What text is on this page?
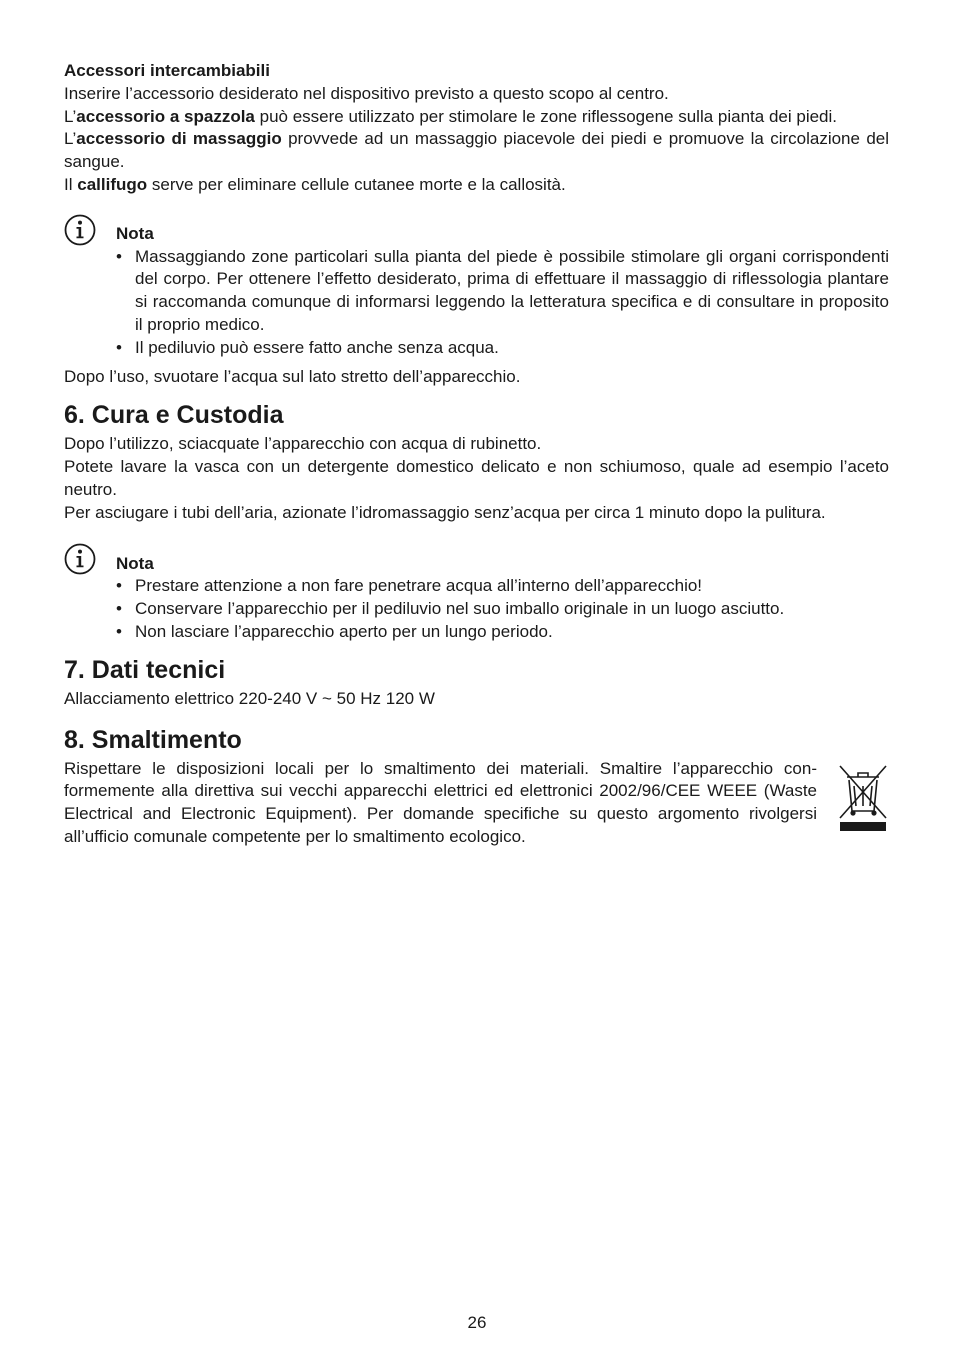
Accessori intercambiabili

Inserire l’accessorio desiderato nel dispositivo previsto a questo scopo al centro.

L’accessorio a spazzola può essere utilizzato per stimolare le zone riflessogene sulla pianta dei piedi.

L’accessorio di massaggio provvede ad un massaggio piacevole dei piedi e promuove la circolazione del sangue.

Il callifugo serve per eliminare cellule cutanee morte e la callosità.

Nota

• Massaggiando zone particolari sulla pianta del piede è possibile stimolare gli organi corrispondenti del corpo. Per ottenere l’effetto desiderato, prima di effettuare il massaggio di riflessologia plantare si raccomanda comunque di informarsi leggendo la letteratura specifica e di consultare in proposito il proprio medico.
• Il pediluvio può essere fatto anche senza acqua.

Dopo l’uso, svuotare l’acqua sul lato stretto dell’apparecchio.

6. Cura e Custodia

Dopo l’utilizzo, sciacquate l’apparecchio con acqua di rubinetto.

Potete lavare la vasca con un detergente domestico delicato e non schiumoso, quale ad esempio l’aceto neutro.

Per asciugare i tubi dell’aria, azionate l’idromassaggio senz’acqua per circa 1 minuto dopo la pulitura.

Nota

• Prestare attenzione a non fare penetrare acqua all’interno dell’apparecchio!
• Conservare l’apparecchio per il pediluvio nel suo imballo originale in un luogo asciutto.
• Non lasciare l’apparecchio aperto per un lungo periodo.
7. Dati tecnici

Allacciamento elettrico 220-240 V ~ 50 Hz 120 W

8. Smaltimento

Rispettare le disposizioni locali per lo smaltimento dei materiali. Smaltire l’apparecchio conformemente alla direttiva sui vecchi apparecchi elettrici ed elettronici 2002/96/CEE WEEE (Waste Electrical and Electronic Equipment). Per domande specifiche su questo argomento rivolgersi all’ufficio comunale competente per lo smaltimento ecologico.

26
